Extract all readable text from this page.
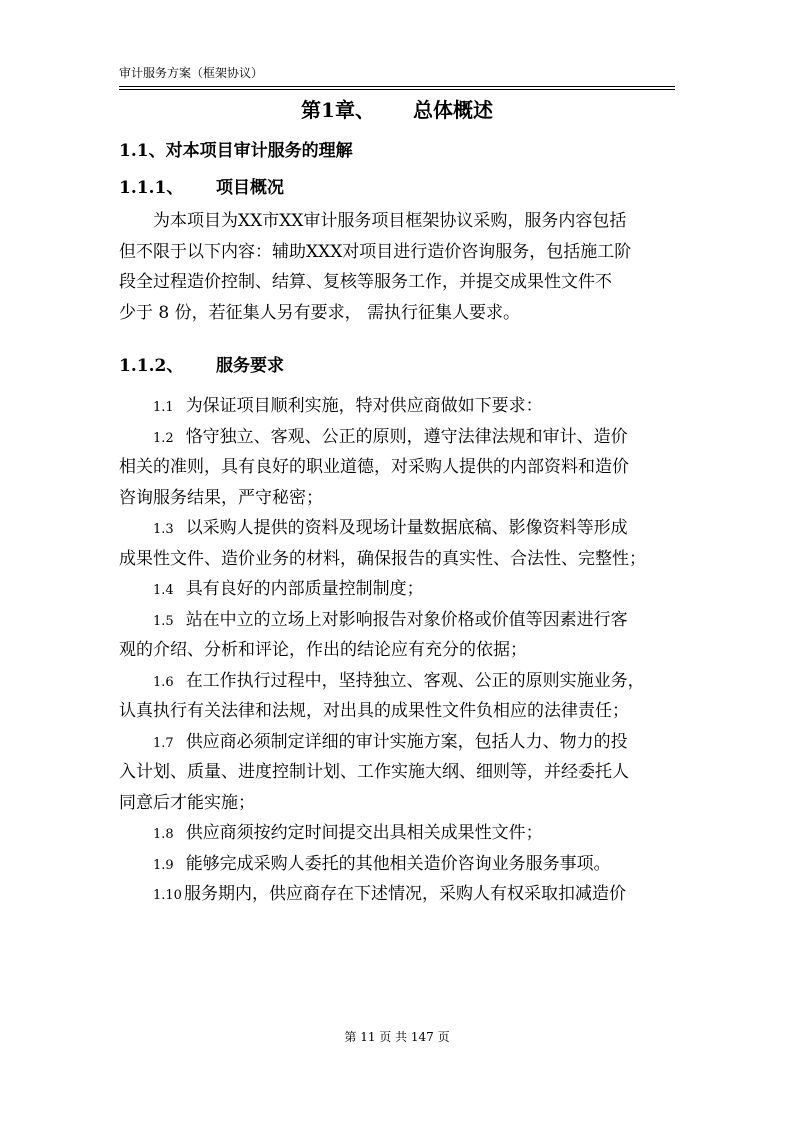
审计服务方案（框架协议）
第1章、 总体概述
1.1、对本项目审计服务的理解
1.1.1、 项目概况
为本项目为XX市XX审计服务项目框架协议采购，服务内容包括
但不限于以下内容：辅助XXX对项目进行造价咨询服务，包括施工阶
段全过程造价控制、结算、复核等服务工作，并提交成果性文件不
少于 8 份，若征集人另有要求， 需执行征集人要求。
1.1.2、 服务要求
1.1 为保证项目顺利实施，特对供应商做如下要求：
1.2 恪守独立、客观、公正的原则，遵守法律法规和审计、造价
相关的准则，具有良好的职业道德，对采购人提供的内部资料和造价
咨询服务结果，严守秘密；
1.3 以采购人提供的资料及现场计量数据底稿、影像资料等形成
成果性文件、造价业务的材料，确保报告的真实性、合法性、完整性；
1.4 具有良好的内部质量控制制度；
1.5 站在中立的立场上对影响报告对象价格或价值等因素进行客
观的介绍、分析和评论，作出的结论应有充分的依据；
1.6 在工作执行过程中，坚持独立、客观、公正的原则实施业务，
认真执行有关法律和法规，对出具的成果性文件负相应的法律责任；
1.7 供应商必须制定详细的审计实施方案，包括人力、物力的投
入计划、质量、进度控制计划、工作实施大纲、细则等，并经委托人
同意后才能实施；
1.8 供应商须按约定时间提交出具相关成果性文件；
1.9 能够完成采购人委托的其他相关造价咨询业务服务事项。
1.10 服务期内，供应商存在下述情况，采购人有权采取扣减造价
第 11 页 共 147 页
